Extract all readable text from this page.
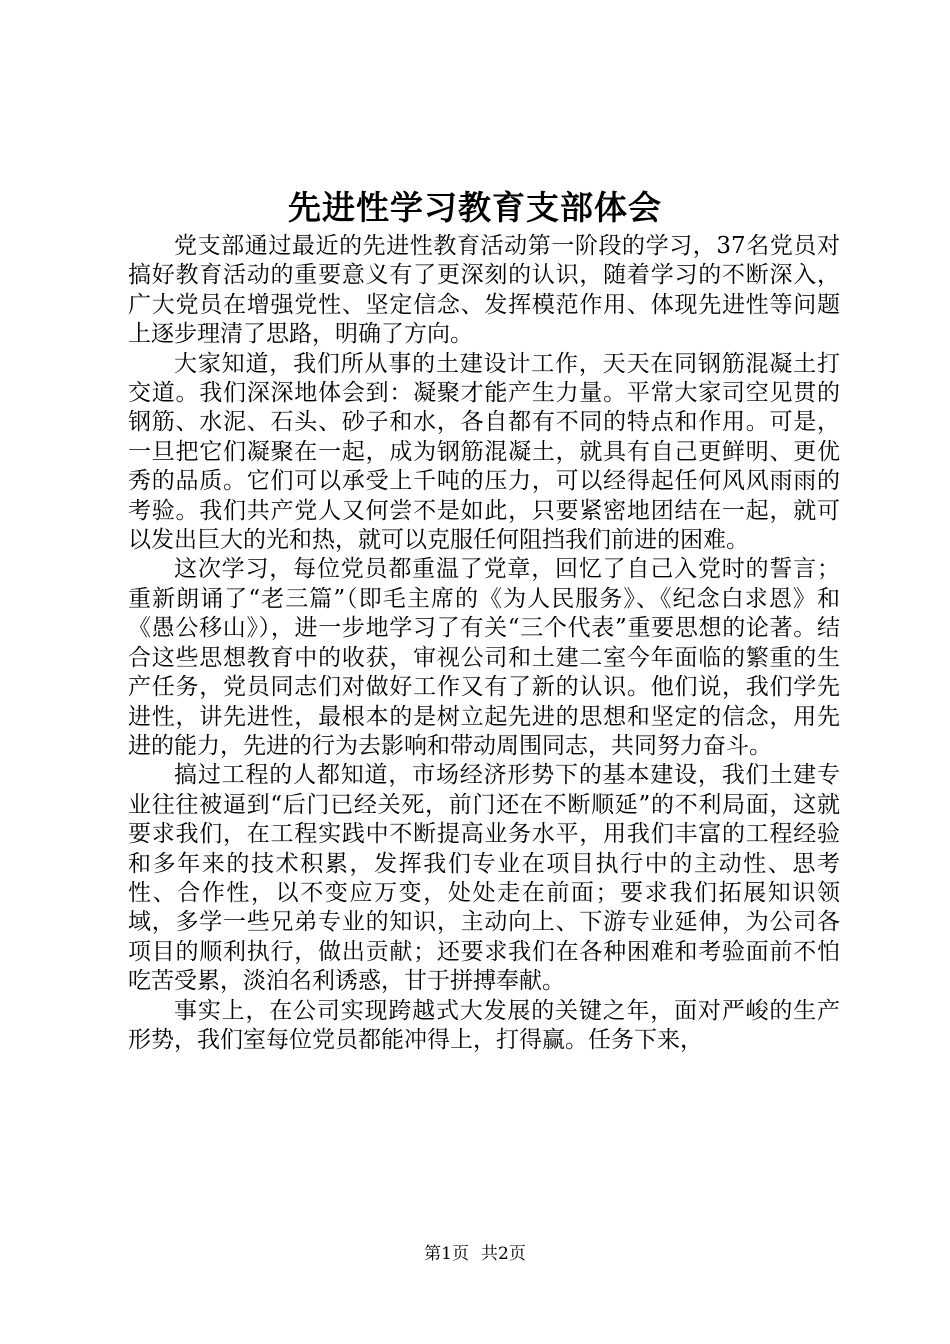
先进性学习教育支部体会

党支部通过最近的先进性教育活动第一阶段的学习，37名党员对搞好教育活动的重要意义有了更深刻的认识，随着学习的不断深入，广大党员在增强党性、坚定信念、发挥模范作用、体现先进性等问题上逐步理清了思路，明确了方向。

大家知道，我们所从事的土建设计工作，天天在同钢筋混凝土打交道。我们深深地体会到：凝聚才能产生力量。平常大家司空见贯的钢筋、水泥、石头、砂子和水，各自都有不同的特点和作用。可是，一旦把它们凝聚在一起，成为钢筋混凝土，就具有自己更鲜明、更优秀的品质。它们可以承受上千吨的压力，可以经得起任何风风雨雨的考验。我们共产党人又何尝不是如此，只要紧密地团结在一起，就可以发出巨大的光和热，就可以克服任何阻挡我们前进的困难。

这次学习，每位党员都重温了党章，回忆了自己入党时的誓言；重新朗诵了“老三篇”（即毛主席的《为人民服务》、《纪念白求恩》和《愚公移山》），进一步地学习了有关“三个代表”重要思想的论著。结合这些思想教育中的收获，审视公司和土建二室今年面临的繁重的生产任务，党员同志们对做好工作又有了新的认识。他们说，我们学先进性，讲先进性，最根本的是树立起先进的思想和坚定的信念，用先进的能力，先进的行为去影响和带动周围同志，共同努力奋斗。

搞过工程的人都知道，市场经济形势下的基本建设，我们土建专业往往被逼到“后门已经关死，前门还在不断顺延”的不利局面，这就要求我们，在工程实践中不断提高业务水平，用我们丰富的工程经验和多年来的技术积累，发挥我们专业在项目执行中的主动性、思考性、合作性，以不变应万变，处处走在前面；要求我们拓展知识领域，多学一些兄弟专业的知识，主动向上、下游专业延伸，为公司各项目的顺利执行，做出贡献；还要求我们在各种困难和考验面前不怕吃苦受累，淡泊名利诱惑，甘于拼搏奉献。

事实上，在公司实现跨越式大发展的关键之年，面对严峻的生产形势，我们室每位党员都能冲得上，打得赢。任务下来，

第1页 共2页
